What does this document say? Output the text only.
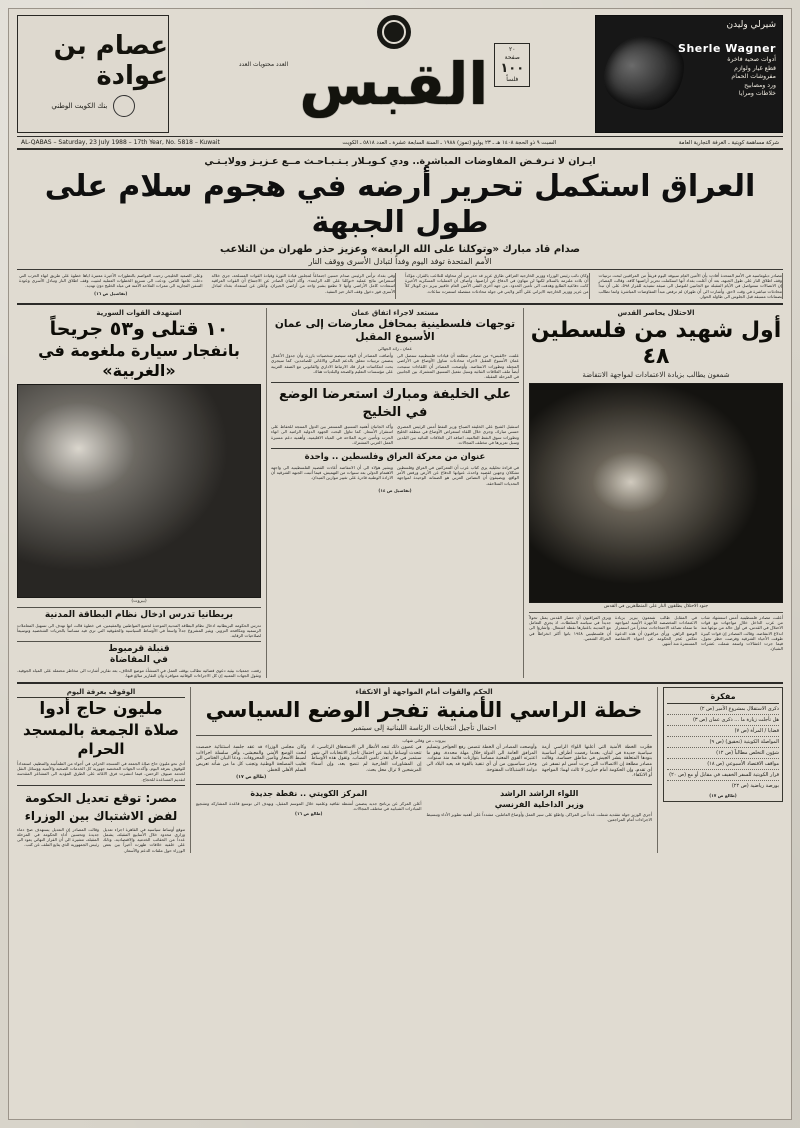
شيرلي وليدن
Sherle Wagner
أدوات صحية فاخرة
قطع غيار ولوازم
مفروشات الحمام
ورد ومصابيح
خلاطات ومرايا
٢٠
صفحة
١٠٠
فلساً
القبس
العدد محتويات العدد
عصام بن عوادة
بنك الكويت الوطني
شركة مساهمة كويتية ـ الغرفة التجارية العامة
السبت ٩ ذو الحجة ١٤٠٨ هـ ـ ٢٣ يوليو (تموز) ١٩٨٨ ـ السنة السابعة عشرة ـ العدد ٥٨١٨ ـ الكويت
AL-QABAS – Saturday, 23 July 1988 – 17th Year, No. 5818 – Kuwait
ايـران لا تـرفـض المفاوضات المباشرة.. ودي كـويـلار يـتـبـاحـث مــع عـزيـز وولايـتـي
العراق استكمل تحرير أرضه في هجوم سلام على طول الجبهة
صدام قاد مبارك «وتوكلنا على الله الرابعة» وعزيز حذر طهران من التلاعب
الأمم المتحدة توفد اليوم وفداً لتبادل الأسرى ووقف النار
مصادر دبلوماسية في الأمم المتحدة أفادت بأن الأمين العام سيوفد اليوم فريقاً من المراقبين لبحث ترتيبات وقف اطلاق النار على طول الجبهة، بعد أن أعلنت بغداد أنها استكملت تحرير أراضيها كافة. وقالت المصادر إن الاتصالات ستتواصل في الأيام المقبلة مع الجانبين للتوصل الى صيغة تنفيذية للقرار ٥٩٨، على أن تبدأ محادثات مباشرة في وقت لاحق. وأشارت الى أن طهران لم ترفض مبدأ المفاوضات المباشرة وانما تطالب بضمانات مسبقة قبل الجلوس الى طاولة الحوار.
وكان نائب رئيس الوزراء ووزير الخارجية العراقي طارق عزيز قد حذر من أي محاولة للتلاعب بالقرار، مؤكداً أن بلاده ملتزمة بالسلام لكنها لن تتهاون في الدفاع عن أراضيها. وأضاف أن العمليات العسكرية الأخيرة كانت دفاعية الطابع وهدفت الى تأمين الحدود. من جهة أخرى التقى الأمين العام خافيير بيريز دي كويلار كلاً من عزيز ووزير الخارجية الايراني علي أكبر ولايتي في جولة محادثات منفصلة استمرت ساعات.
وفي بغداد ترأس الرئيس صدام حسين اجتماعاً لمجلس قيادة الثورة وقيادة القوات المسلحة، جرى خلاله استعراض نتائج عملية «توكلنا على الله الرابعة». وأكد البيان الصادر عن الاجتماع أن القوات العراقية استعادت كامل الأراضي وأنها لا تطمع بشبر واحد من أراضي الجيران. وأعلن عن استعداد بغداد لتبادل الأسرى فور دخول وقف النار حيز التنفيذ.
وعلى الصعيد الخليجي رحبت العواصم بالتطورات الأخيرة معتبرة اياها خطوة على طريق انهاء الحرب التي دخلت عامها الثامن. ودعت الى تسريع الخطوات العملية لتثبيت وقف اطلاق النار وتبادل الأسرى وعودة السفن التجارية الى ممرات الملاحة الآمنة في مياه الخليج دون تهديد.
(تفاصيل ص ١٦)
الاحتلال يحاصر القدس
أول شهيد من فلسطين ٤٨
شمعون يطالب بزيادة الاعتمادات لمواجهة الانتفاضة
جنود الاحتلال يطلقون النار على المتظاهرين في القدس
أعلنت مصادر فلسطينية أمس استشهاد شاب من عرب الداخل خلال مواجهات مع قوات الاحتلال في القدس، في أول حالة من نوعها منذ اندلاع الانتفاضة. وقالت المصادر إن قوات كبيرة طوقت الأحياء الشرقية وفرضت حظر تجول، فيما جرت اعتقالات واسعة شملت عشرات الشبان.
في المقابل طالب شمعون بيريز بزيادة الاعتمادات المخصصة للأجهزة الأمنية لمواجهة ما سماه تصاعد الاحتجاجات، محذراً من استمرار الوضع الراهن. ورأى مراقبون أن هذه الدعوة تعكس عجز الحكومة عن احتواء الانتفاضة المستمرة منذ أشهر.
ويرى المراقبون أن حصار القدس يمثل تحولاً جديداً في سياسة السلطات، اذ يجري التعامل مع المدينة باعتبارها نقطة اشتعال. وأشاروا الى أن فلسطينيي ١٩٤٨ باتوا أكثر انخراطاً في الحراك الشعبي.
مستعد لاجراء اتفاق عمان
توجهات فلسطينية بمحافل معارضات إلى عمان الأسبوع المقبل
عمان ـ رائد الجهالي
علمت «القبس» من مصادر مطلعة أن قيادات فلسطينية ستصل الى عمان الأسبوع المقبل لاجراء محادثات تتناول الأوضاع في الأراضي المحتلة وتطورات الانتفاضة. وأوضحت المصادر أن اللقاءات ستبحث أيضاً ملف العلاقات الثنائية وسبل تفعيل التنسيق المشترك بين الجانبين في المرحلة المقبلة.
وأضافت المصادر أن الوفد سيضم شخصيات بارزة، وأن جدول الأعمال يتضمن ترتيبات تتعلق بالدعم المالي والاغاثي للصامدين. كما سيجري بحث انعكاسات قرار فك الارتباط الاداري والقانوني مع الضفة الغربية على مؤسسات التعليم والصحة والبلديات هناك.
علي الخليفة ومبارك استعرضا الوضع في الخليج
استقبل الشيخ علي الخليفة الصباح وزير النفط أمس الرئيس المصري حسني مبارك، وجرى خلال اللقاء استعراض الأوضاع في منطقة الخليج وتطورات سوق النفط العالمية، اضافة الى العلاقات الثنائية بين البلدين وسبل تعزيزها في مختلف المجالات.
وأكد الجانبان أهمية التنسيق المستمر بين الدول المنتجة للحفاظ على استقرار الأسعار. كما تناول البحث الجهود الدولية الرامية الى انهاء الحرب وتأمين حرية الملاحة في المياه الاقليمية، وأهمية دعم مسيرة العمل العربي المشترك.
عنوان من معركة العراق وفلسطين .. واحدة
في قراءة تحليلية يرى كتاب عرب أن المعركتين في العراق وفلسطين تشكلان وجهين لقضية واحدة، عنوانها الدفاع عن الأرض ورفض الأمر الواقع. ويضيفون أن التضامن العربي هو الضمانة الوحيدة لمواجهة التحديات المتلاحقة.
ويشير هؤلاء الى أن الانتفاضة أعادت القضية الفلسطينية الى واجهة الاهتمام الدولي بعد سنوات من التهميش، فيما أثبتت الجبهة الشرقية أن الارادة الوطنية قادرة على تغيير موازين الميدان.
(تفاصيل ص ١٤)
استهدف القوات السورية
١٠ قتلى و٥٣ جريحاً
بانفجار سيارة ملغومة في «الغربية»
(بيروت)
بريطانيا تدرس ادخال نظام البطاقة المدنية
تدرس الحكومة البريطانية ادخال نظام البطاقة المدنية الموحدة لجميع المواطنين والمقيمين، في خطوة قالت انها تهدف الى تسهيل المعاملات الرسمية ومكافحة التزوير. ويثير المشروع جدلاً واسعاً في الأوساط السياسية والحقوقية التي ترى فيه مساساً بالحريات الشخصية وتوسيعاً لصلاحيات الرقابة.
قنبلة قرمبوط
في المقاضاة
رفعت جمعيات بيئية دعوى قضائية تطالب بوقف العمل في المنشأة موضع الخلاف، بعد تقارير أشارت الى مخاطر محتملة على المياه الجوفية. وتقول الجهات المعنية إن كل الاجراءات الوقائية متوافرة وأن التقارير مبالغ فيها.
مفكرة
ذكرى الاستقلال بمشروع الأمير (ص ٢)
هل تأجلت زيارة ما ... ذكرى عمان (ص ٣)
قضايا / المرأة (ص ٧)
المواصلة الكويتية (تحقيق) (ص ٩)
شؤون التخلص مطالباً (ص ١٢)
مواقف الاقتصاد الأسبوعي (ص ١٨)
قرار الكويتية للسفر الخفيف في مقابل أو مع (ص ٢٠)
بورصة رياضية (ص ٢٢)
(طالع ص ١٧)
الحكم والقوات أمام المواجهة أو الانكفاء
خطة الراسي الأمنية تفجر الوضع السياسي
احتمال تأجيل انتخابات الرئاسة اللبنانية إلى سبتمبر
بيروت ـ من وفائي شهاب
فجّرت الخطة الأمنية التي أعلنها اللواء الراسي أزمة سياسية جديدة في لبنان، بعدما رفضت أطراف أساسية بنودها المتعلقة بنشر الجيش في مناطق حساسة. وقالت مصادر مطلعة إن الاتصالات التي جرت أمس لم تسفر عن أي تقدم، وإن الحكومة أمام خيارين لا ثالث لهما: المواجهة أو الانكفاء.
وأوضحت المصادر أن الخطة تتضمن رفع الحواجز وتسليم المرافق العامة الى الدولة خلال مهلة محددة، وهو ما اعتبرته القوى المعنية مساساً بتوازنات قائمة منذ سنوات. وحذر سياسيون من أن أي تنفيذ بالقوة قد يعيد البلاد الى دوامة الاشتباكات المفتوحة.
في غضون ذلك تتجه الأنظار الى الاستحقاق الرئاسي، اذ تتحدث أوساط نيابية عن احتمال تأجيل الانتخابات الى شهر سبتمبر في حال تعذر تأمين النصاب. وتقول هذه الأوساط إن المشاورات الخارجية لم تنضج بعد، وإن أسماء المرشحين لا تزال محل بحث.
وكان مجلس الوزراء قد عقد جلسة استثنائية خصصت لبحث الوضع الأمني والمعيشي، وأقر سلسلة اجراءات لضبط الأسعار وتأمين المحروقات. ودعا البيان الختامي الى تغليب المصلحة الوطنية وتجنب كل ما من شأنه تعريض السلم الأهلي للخطر.
(طالع ص ١٧)
اللواء الراشد الراشد
وزير الداخلية الفرنسي
أجرى الوزير جولة تفقدية شملت عدداً من المراكز، واطلع على سير العمل وأوضاع العاملين، مشدداً على أهمية تطوير الأداء وتبسيط الاجراءات أمام المراجعين.
المركز الكويتي .. نقطة جديدة
أعلن المركز عن برنامج جديد يتضمن أنشطة ثقافية وعلمية خلال الموسم المقبل، ويهدف الى توسيع قاعدة المشاركة وتشجيع المبادرات الشبابية في مختلف المجالات.
(طالع ص ١٦)
الوقوف بعرفة اليوم
مليون حاج أدوا
صلاة الجمعة بالمسجد الحرام
أدى نحو مليون حاج صلاة الجمعة في المسجد الحرام، في أجواء من الطمأنينة والتنظيم، استعداداً للوقوف بعرفة اليوم. وأكدت الجهات المختصة جهوزية كل الخدمات الصحية والأمنية ووسائل النقل لخدمة ضيوف الرحمن، فيما انتشرت فرق الاغاثة على الطرق المؤدية الى المشاعر المقدسة لتقديم المساعدة للحجاج.
مصر: توقع تعديل الحكومة
لفض الاشتباك بين الوزراء
تتوقع أوساط سياسية في القاهرة اجراء تعديل وزاري محدود خلال الأسابيع المقبلة، يشمل عدداً من الحقائب الخدمية والاقتصادية، وذلك على خلفية خلافات ظهرت أخيراً بين بعض الوزراء حول ملفات الدعم والأسعار.
وقالت المصادر إن التعديل يستهدف ضخ دماء جديدة وتحسين أداء الحكومة في المرحلة المقبلة، مشيرة الى أن القرار النهائي يعود الى رئيس الجمهورية الذي يتابع الملف عن كثب.
